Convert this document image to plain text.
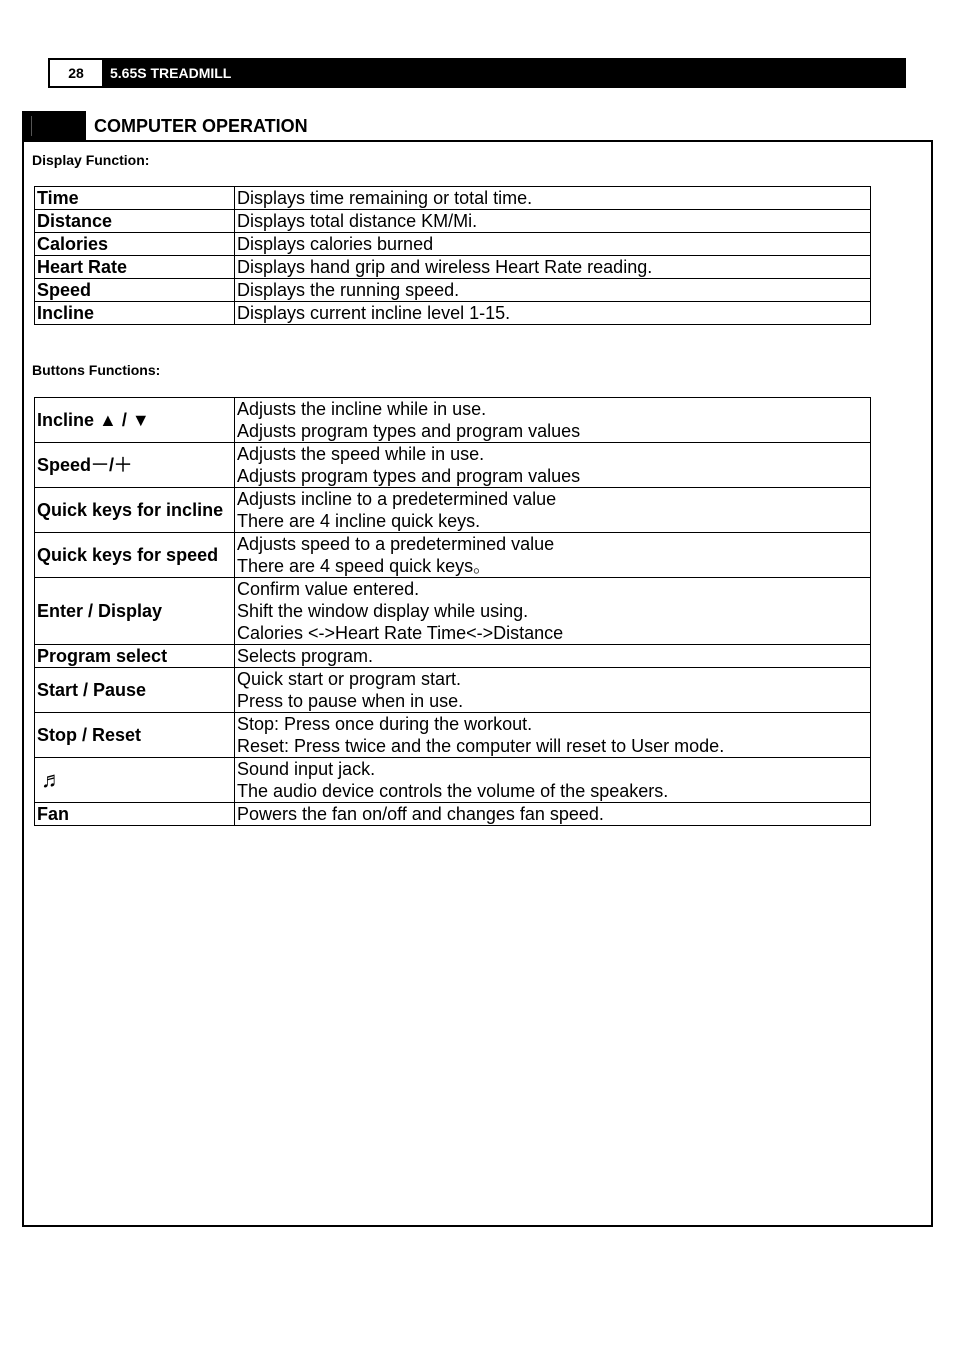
28	5.65S TREADMILL
COMPUTER OPERATION
Display Function:
Time	Displays time remaining or total time.
Distance	Displays total distance KM/Mi.
Calories	Displays calories burned
Heart Rate	Displays hand grip and wireless Heart Rate reading.
Speed	Displays the running speed.
Incline	Displays current incline level 1-15.
Buttons Functions:
Incline ▲ / ▼	Adjusts the incline while in use.
Adjusts program types and program values

Speed－/＋	Adjusts the speed while in use.
Adjusts program types and program values

Quick keys for incline	Adjusts incline to a predetermined value
There are 4 incline quick keys.

Quick keys for speed	Adjusts speed to a predetermined value
There are 4 speed quick keys。

Enter / Display	Confirm value entered.
Shift the window display while using.
Calories <->Heart Rate Time<->Distance

Program select	Selects program.

Start / Pause	Quick start or program start.
Press to pause when in use.

Stop / Reset	Stop: Press once during the workout.
Reset: Press twice and the computer will reset to User mode.

♬	Sound input jack.
The audio device controls the volume of the speakers.

Fan	Powers the fan on/off and changes fan speed.
